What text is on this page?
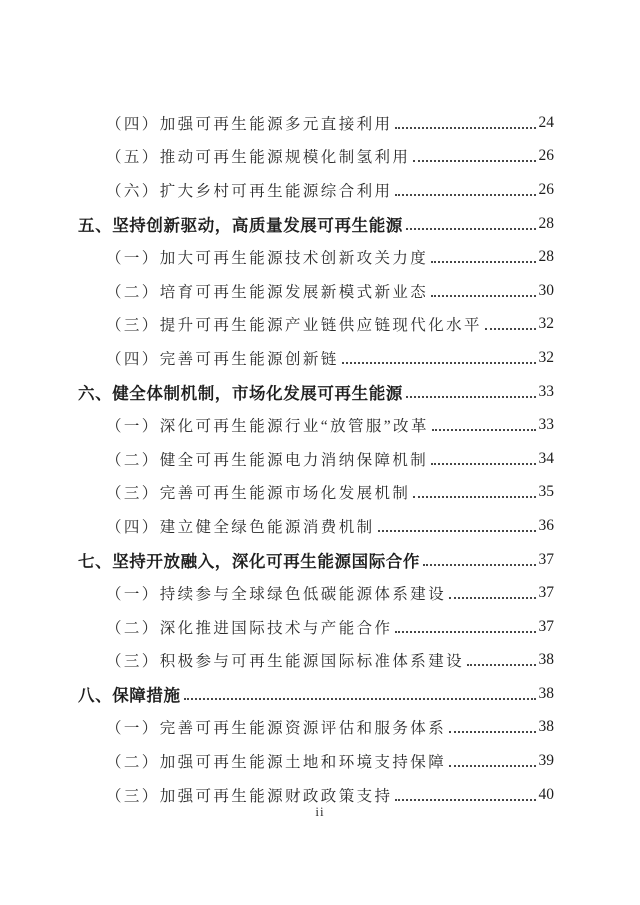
（四）加强可再生能源多元直接利用	24
（五）推动可再生能源规模化制氢利用	26
（六）扩大乡村可再生能源综合利用	26
五、坚持创新驱动，高质量发展可再生能源	28
（一）加大可再生能源技术创新攻关力度	28
（二）培育可再生能源发展新模式新业态	30
（三）提升可再生能源产业链供应链现代化水平	32
（四）完善可再生能源创新链	32
六、健全体制机制，市场化发展可再生能源	33
（一）深化可再生能源行业“放管服”改革	33
（二）健全可再生能源电力消纳保障机制	34
（三）完善可再生能源市场化发展机制	35
（四）建立健全绿色能源消费机制	36
七、坚持开放融入，深化可再生能源国际合作	37
（一）持续参与全球绿色低碳能源体系建设	37
（二）深化推进国际技术与产能合作	37
（三）积极参与可再生能源国际标准体系建设	38
八、保障措施	38
（一）完善可再生能源资源评估和服务体系	38
（二）加强可再生能源土地和环境支持保障	39
（三）加强可再生能源财政政策支持	40
ii
